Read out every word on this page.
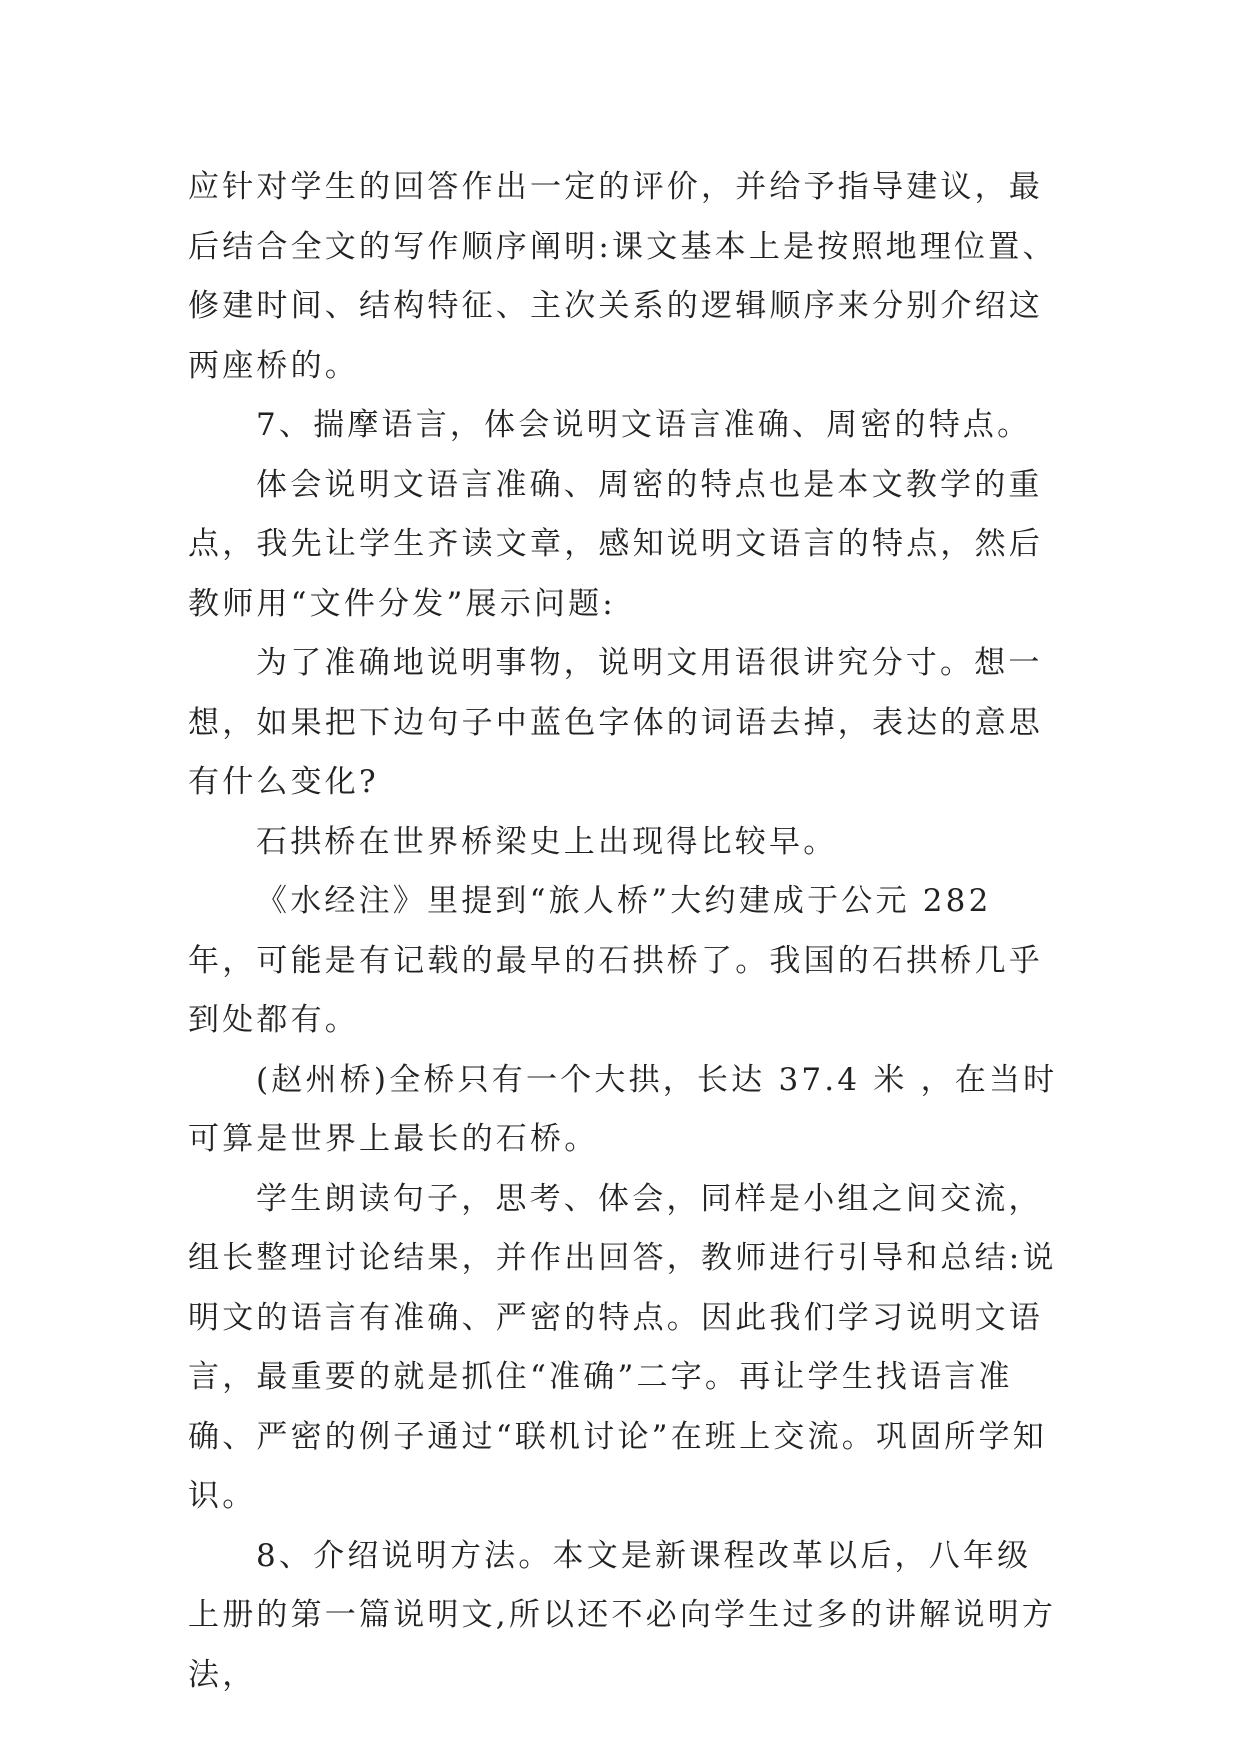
应针对学生的回答作出一定的评价，并给予指导建议，最后结合全文的写作顺序阐明:课文基本上是按照地理位置、修建时间、结构特征、主次关系的逻辑顺序来分别介绍这两座桥的。

7、揣摩语言，体会说明文语言准确、周密的特点。

体会说明文语言准确、周密的特点也是本文教学的重点，我先让学生齐读文章，感知说明文语言的特点，然后教师用“文件分发”展示问题:

为了准确地说明事物，说明文用语很讲究分寸。想一想，如果把下边句子中蓝色字体的词语去掉，表达的意思有什么变化?

石拱桥在世界桥梁史上出现得比较早。

《水经注》里提到“旅人桥”大约建成于公元 282 年，可能是有记载的最早的石拱桥了。我国的石拱桥几乎到处都有。

(赵州桥)全桥只有一个大拱，长达 37.4 米 ，在当时可算是世界上最长的石桥。

学生朗读句子，思考、体会，同样是小组之间交流，组长整理讨论结果，并作出回答，教师进行引导和总结:说明文的语言有准确、严密的特点。因此我们学习说明文语言，最重要的就是抓住“准确”二字。再让学生找语言准确、严密的例子通过“联机讨论”在班上交流。巩固所学知识。

8、介绍说明方法。本文是新课程改革以后，八年级上册的第一篇说明文,所以还不必向学生过多的讲解说明方法，
